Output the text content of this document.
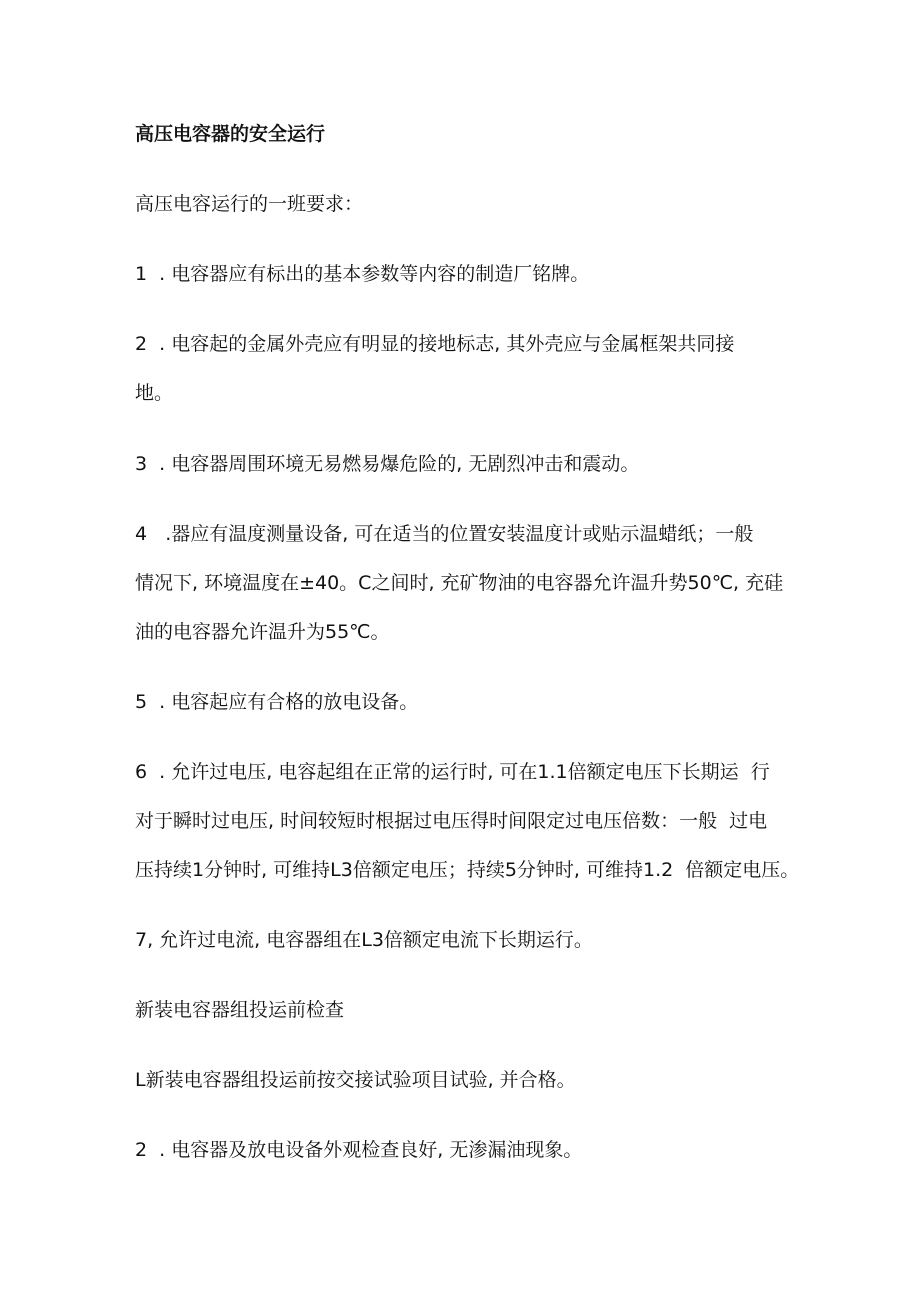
高压电容器的安全运行
高压电容运行的一班要求：
1  . 电容器应有标出的基本参数等内容的制造厂铭牌。
2  . 电容起的金属外壳应有明显的接地标志, 其外壳应与金属框架共同接
地。
3  . 电容器周围环境无易燃易爆危险的, 无剧烈冲击和震动。
4   .器应有温度测量设备, 可在适当的位置安装温度计或贴示温蜡纸；一般
情况下, 环境温度在±40。C之间时, 充矿物油的电容器允许温升势50℃, 充硅
油的电容器允许温升为55℃。
5  . 电容起应有合格的放电设备。
6  . 允许过电压, 电容起组在正常的运行时, 可在1.1倍额定电压下长期运  行
对于瞬时过电压, 时间较短时根据过电压得时间限定过电压倍数：一般  过电
压持续1分钟时, 可维持L3倍额定电压；持续5分钟时, 可维持1.2  倍额定电压。
7, 允许过电流, 电容器组在L3倍额定电流下长期运行。
新装电容器组投运前检查
L新装电容器组投运前按交接试验项目试验, 并合格。
2  . 电容器及放电设备外观检查良好, 无渗漏油现象。
